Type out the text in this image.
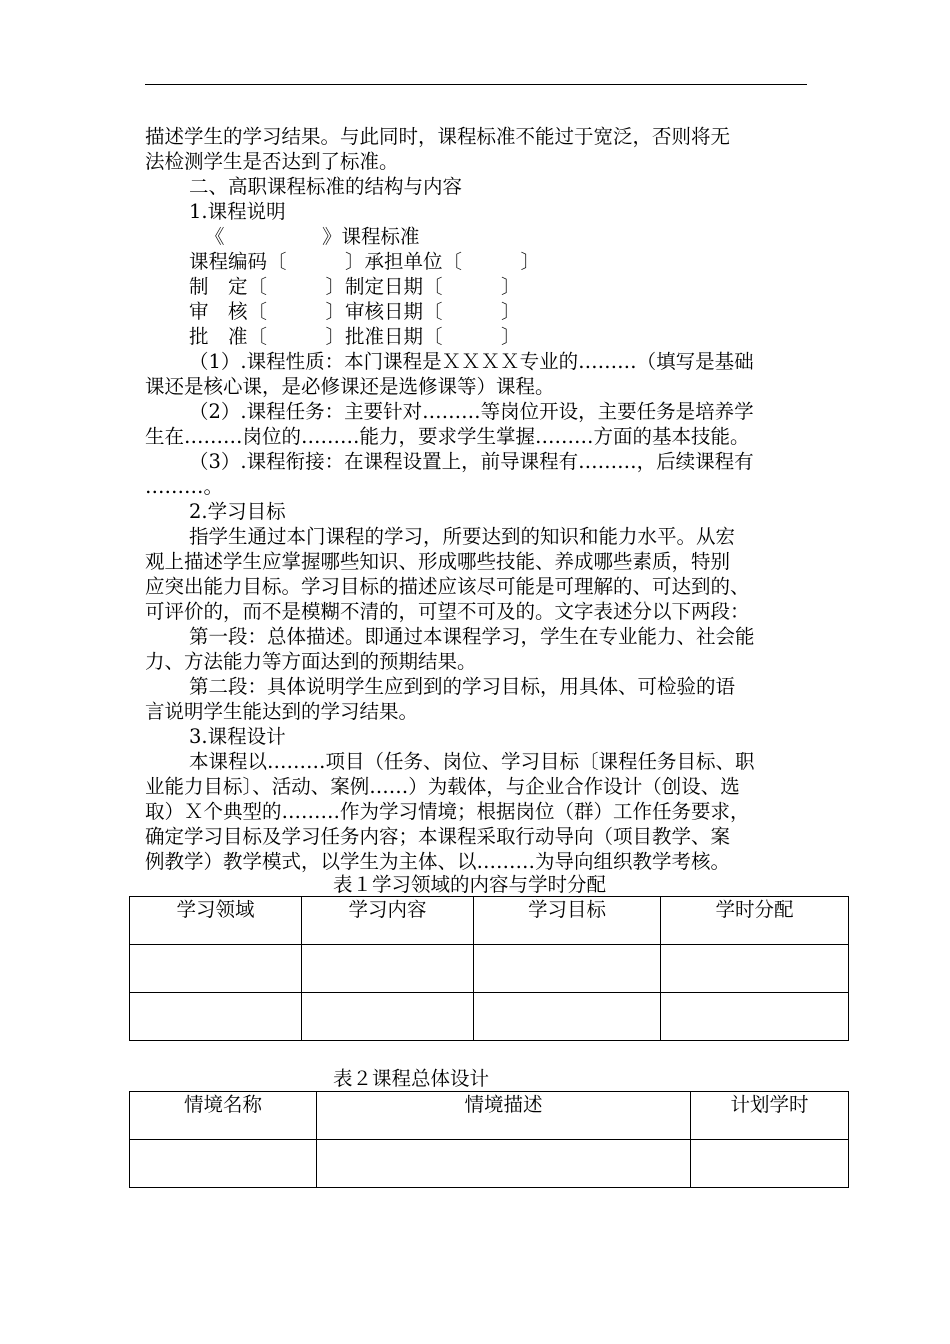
描述学生的学习结果。与此同时，课程标准不能过于宽泛，否则将无

法检测学生是否达到了标准。

二、高职课程标准的结构与内容

1.课程说明

《　　　　　》课程标准

课程编码〔　　　〕承担单位〔　　　〕

制　定〔　　　〕制定日期〔　　　〕

审　核〔　　　〕审核日期〔　　　〕

批　准〔　　　〕批准日期〔　　　〕

（1）.课程性质：本门课程是ＸＸＸＸ专业的………（填写是基础

课还是核心课，是必修课还是选修课等）课程。

（2）.课程任务：主要针对………等岗位开设，主要任务是培养学

生在………岗位的………能力，要求学生掌握………方面的基本技能。

（3）.课程衔接：在课程设置上，前导课程有………，后续课程有

………。

2.学习目标

指学生通过本门课程的学习，所要达到的知识和能力水平。从宏

观上描述学生应掌握哪些知识、形成哪些技能、养成哪些素质，特别

应突出能力目标。学习目标的描述应该尽可能是可理解的、可达到的、

可评价的，而不是模糊不清的，可望不可及的。文字表述分以下两段：

第一段：总体描述。即通过本课程学习，学生在专业能力、社会能

力、方法能力等方面达到的预期结果。

第二段：具体说明学生应到到的学习目标，用具体、可检验的语

言说明学生能达到的学习结果。

3.课程设计

本课程以………项目（任务、岗位、学习目标〔课程任务目标、职

业能力目标〕、活动、案例……）为载体，与企业合作设计（创设、选

取）Ｘ个典型的………作为学习情境；根据岗位（群）工作任务要求，

确定学习目标及学习任务内容；本课程采取行动导向（项目教学、案

例教学）教学模式，以学生为主体、以………为导向组织教学考核。

表１学习领域的内容与学时分配
学习领域	学习内容	学习目标	学时分配

表２课程总体设计
情境名称	情境描述	计划学时
